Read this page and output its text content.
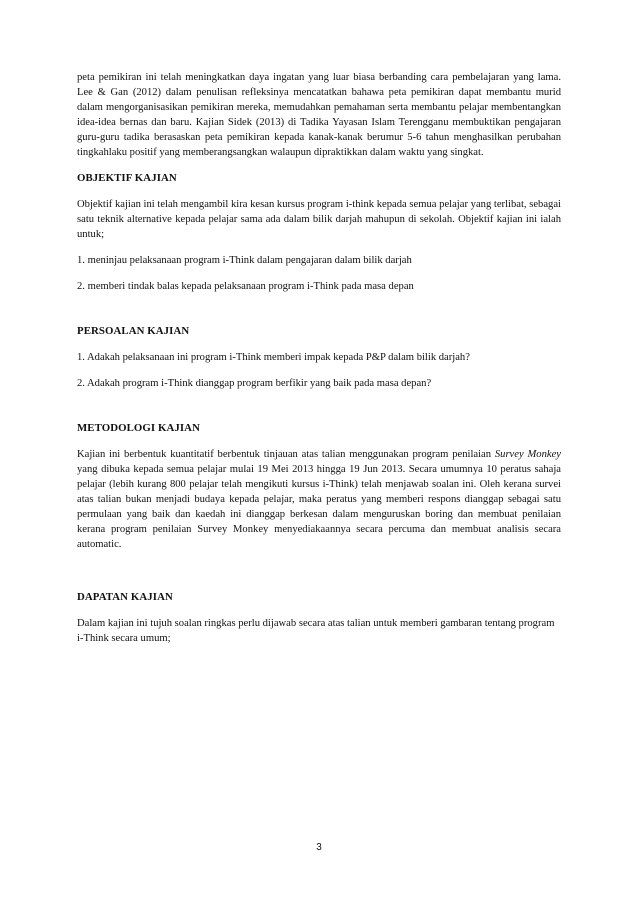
peta pemikiran ini telah meningkatkan daya ingatan yang luar biasa berbanding cara pembelajaran yang lama. Lee & Gan (2012) dalam penulisan refleksinya mencatatkan bahawa peta pemikiran dapat membantu murid dalam mengorganisasikan pemikiran mereka, memudahkan pemahaman serta membantu pelajar membentangkan idea-idea bernas dan baru. Kajian Sidek (2013) di Tadika Yayasan Islam Terengganu membuktikan pengajaran guru-guru tadika berasaskan peta pemikiran kepada kanak-kanak berumur 5-6 tahun menghasilkan perubahan tingkahlaku positif yang memberangsangkan walaupun dipraktikkan dalam waktu yang singkat.

OBJEKTIF KAJIAN

Objektif kajian ini telah mengambil kira kesan kursus program i-think kepada semua pelajar yang terlibat, sebagai satu teknik alternative kepada pelajar sama ada dalam bilik darjah mahupun di sekolah. Objektif kajian ini ialah untuk;

1. meninjau pelaksanaan program i-Think dalam pengajaran dalam bilik darjah

2. memberi tindak balas kepada pelaksanaan program i-Think pada masa depan

PERSOALAN KAJIAN

1. Adakah pelaksanaan ini program i-Think memberi impak kepada P&P dalam bilik darjah?

2. Adakah program i-Think dianggap program berfikir yang baik pada masa depan?

METODOLOGI KAJIAN

Kajian ini berbentuk kuantitatif berbentuk tinjauan atas talian menggunakan program penilaian Survey Monkey yang dibuka kepada semua pelajar mulai 19 Mei 2013 hingga 19 Jun 2013. Secara umumnya 10 peratus sahaja pelajar (lebih kurang 800 pelajar telah mengikuti kursus i-Think) telah menjawab soalan ini. Oleh kerana survei atas talian bukan menjadi budaya kepada pelajar, maka peratus yang memberi respons dianggap sebagai satu permulaan yang baik dan kaedah ini dianggap berkesan dalam menguruskan boring dan membuat penilaian kerana program penilaian Survey Monkey menyediakaannya secara percuma dan membuat analisis secara automatic.

DAPATAN KAJIAN

Dalam kajian ini tujuh soalan ringkas perlu dijawab secara atas talian untuk memberi gambaran tentang program i-Think secara umum;

3
